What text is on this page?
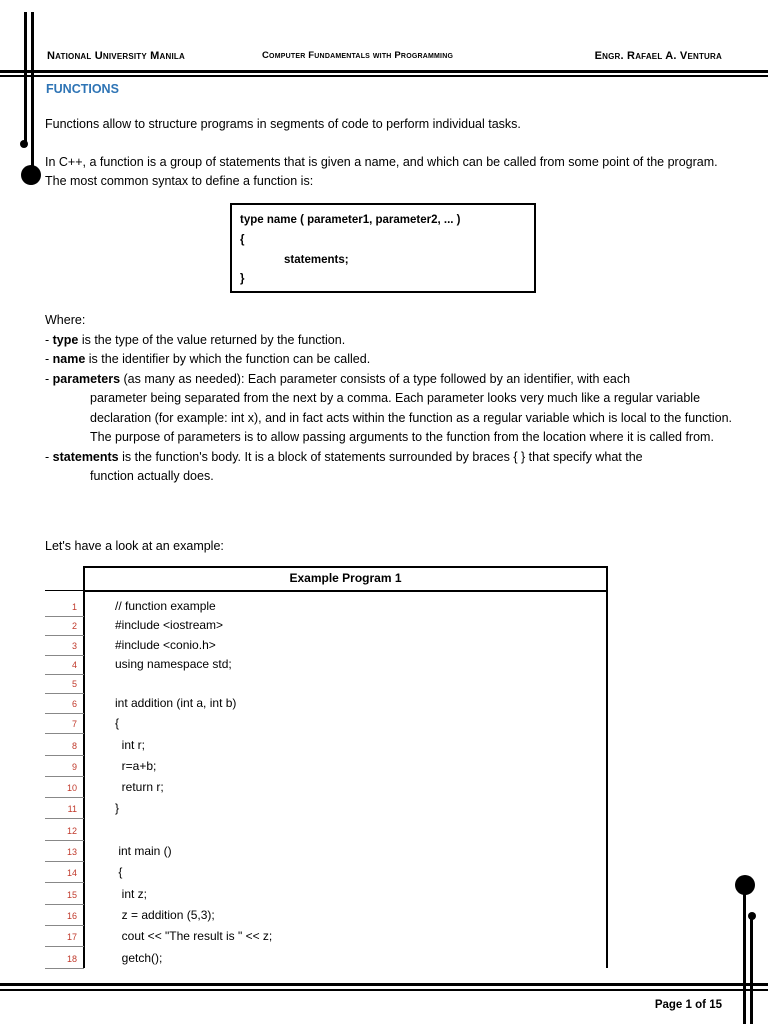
National University Manila	Computer Fundamentals with Programming	Engr. Rafael A. Ventura
FUNCTIONS
Functions allow to structure programs in segments of code to perform individual tasks.
In C++, a function is a group of statements that is given a name, and which can be called from some point of the program. The most common syntax to define a function is:
type name ( parameter1, parameter2, ... )
{
statements;
}
Where:
- type is the type of the value returned by the function.
- name is the identifier by which the function can be called.
- parameters (as many as needed): Each parameter consists of a type followed by an identifier, with each
parameter being separated from the next by a comma. Each parameter looks very much like a regular variable declaration (for example: int x), and in fact acts within the function as a regular variable which is local to the function. The purpose of parameters is to allow passing arguments to the function from the location where it is called from.
- statements is the function's body. It is a block of statements surrounded by braces { } that specify what the
function actually does.
Let's have a look at an example:
Example Program 1
1	// function example
2	#include <iostream>
3	#include <conio.h>
4	using namespace std;
5
6	int addition (int a, int b)
7	{
8	int r;
9	r=a+b;
10	return r;
11	}
12
13	int main ()
14	{
15	int z;
16	z = addition (5,3);
17	cout << "The result is " << z;
18	getch();
Page 1 of 15
